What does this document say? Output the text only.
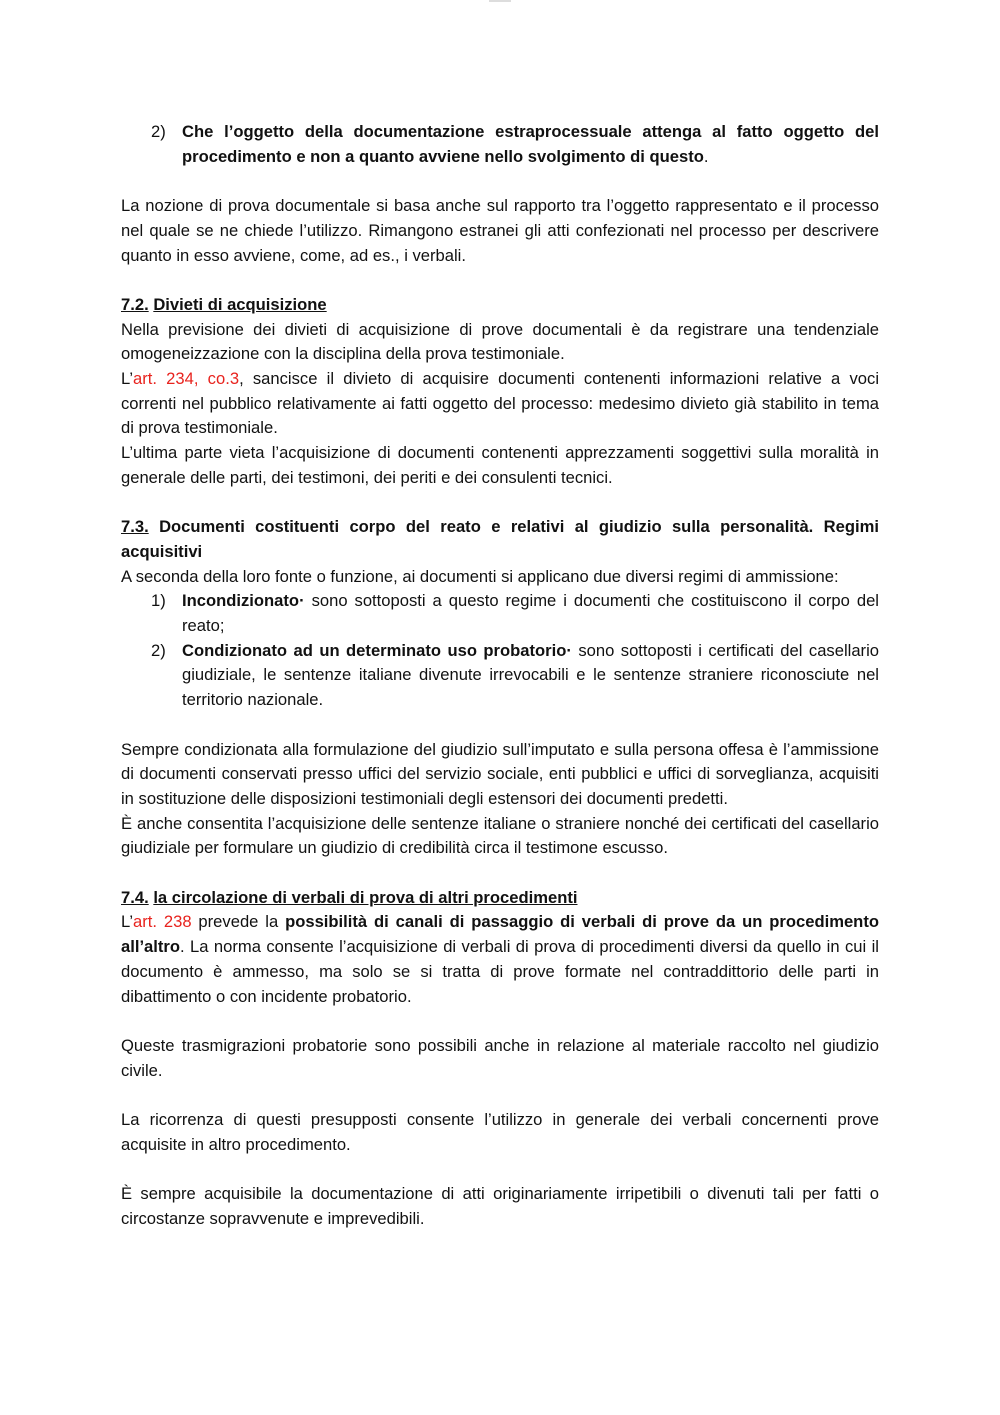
2) Che l’oggetto della documentazione estraprocessuale attenga al fatto oggetto del procedimento e non a quanto avviene nello svolgimento di questo.

La nozione di prova documentale si basa anche sul rapporto tra l’oggetto rappresentato e il processo nel quale se ne chiede l’utilizzo. Rimangono estranei gli atti confezionati nel processo per descrivere quanto in esso avviene, come, ad es., i verbali.

7.2. Divieti di acquisizione

Nella previsione dei divieti di acquisizione di prove documentali è da registrare una tendenziale omogeneizzazione con la disciplina della prova testimoniale.

L’art. 234, co.3, sancisce il divieto di acquisire documenti contenenti informazioni relative a voci correnti nel pubblico relativamente ai fatti oggetto del processo: medesimo divieto già stabilito in tema di prova testimoniale.

L’ultima parte vieta l’acquisizione di documenti contenenti apprezzamenti soggettivi sulla moralità in generale delle parti, dei testimoni, dei periti e dei consulenti tecnici.

7.3. Documenti costituenti corpo del reato e relativi al giudizio sulla personalità. Regimi acquisitivi

A seconda della loro fonte o funzione, ai documenti si applicano due diversi regimi di ammissione:

1) Incondizionato· sono sottoposti a questo regime i documenti che costituiscono il corpo del reato;
2) Condizionato ad un determinato uso probatorio· sono sottoposti i certificati del casellario giudiziale, le sentenze italiane divenute irrevocabili e le sentenze straniere riconosciute nel territorio nazionale.

Sempre condizionata alla formulazione del giudizio sull’imputato e sulla persona offesa è l’ammissione di documenti conservati presso uffici del servizio sociale, enti pubblici e uffici di sorveglianza, acquisiti in sostituzione delle disposizioni testimoniali degli estensori dei documenti predetti.

È anche consentita l’acquisizione delle sentenze italiane o straniere nonché dei certificati del casellario giudiziale per formulare un giudizio di credibilità circa il testimone escusso.

7.4. la circolazione di verbali di prova di altri procedimenti

L’art. 238 prevede la possibilità di canali di passaggio di verbali di prove da un procedimento all’altro. La norma consente l’acquisizione di verbali di prova di procedimenti diversi da quello in cui il documento è ammesso, ma solo se si tratta di prove formate nel contraddittorio delle parti in dibattimento o con incidente probatorio.

Queste trasmigrazioni probatorie sono possibili anche in relazione al materiale raccolto nel giudizio civile.

La ricorrenza di questi presupposti consente l’utilizzo in generale dei verbali concernenti prove acquisite in altro procedimento.

È sempre acquisibile la documentazione di atti originariamente irripetibili o divenuti tali per fatti o circostanze sopravvenute e imprevedibili.
